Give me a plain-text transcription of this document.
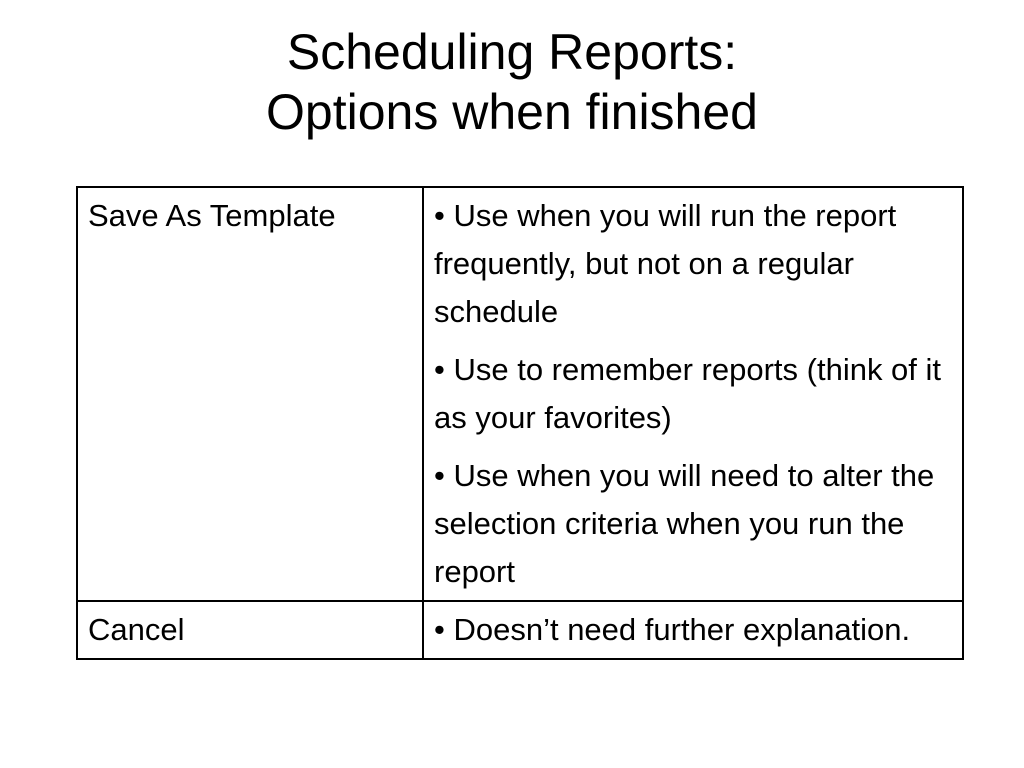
Scheduling Reports:
Options when finished
Save As Template	• Use when you will run the report frequently, but not on a regular schedule
• Use to remember reports (think of it as your favorites)
• Use when you will need to alter the selection criteria when you run the report

Cancel	• Doesn’t need further explanation.
